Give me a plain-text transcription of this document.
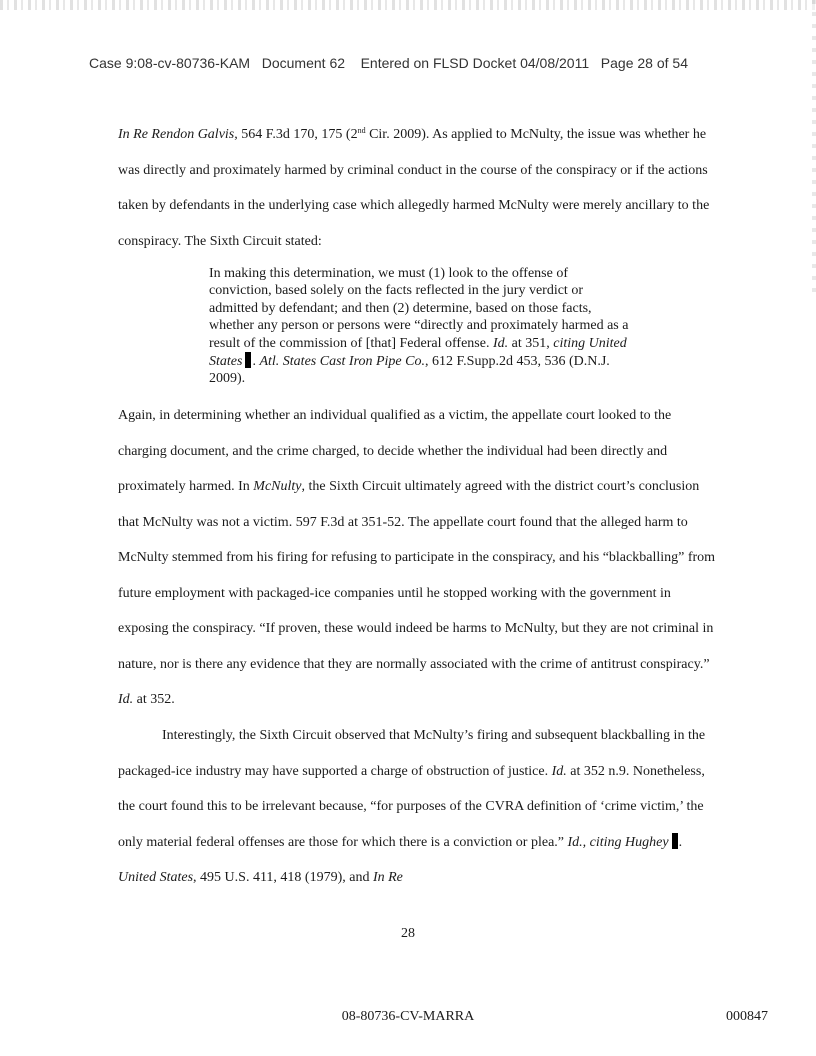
Case 9:08-cv-80736-KAM   Document 62    Entered on FLSD Docket 04/08/2011   Page 28 of 54

In Re Rendon Galvis, 564 F.3d 170, 175 (2nd Cir. 2009). As applied to McNulty, the issue was whether he was directly and proximately harmed by criminal conduct in the course of the conspiracy or if the actions taken by defendants in the underlying case which allegedly harmed McNulty were merely ancillary to the conspiracy. The Sixth Circuit stated:

In making this determination, we must (1) look to the offense of conviction, based solely on the facts reflected in the jury verdict or admitted by defendant; and then (2) determine, based on those facts, whether any person or persons were “directly and proximately harmed as a result of the commission of [that] Federal offense. Id. at 351, citing United States . Atl. States Cast Iron Pipe Co., 612 F.Supp.2d 453, 536 (D.N.J. 2009).

Again, in determining whether an individual qualified as a victim, the appellate court looked to the charging document, and the crime charged, to decide whether the individual had been directly and proximately harmed. In McNulty, the Sixth Circuit ultimately agreed with the district court’s conclusion that McNulty was not a victim. 597 F.3d at 351-52. The appellate court found that the alleged harm to McNulty stemmed from his firing for refusing to participate in the conspiracy, and his “blackballing” from future employment with packaged-ice companies until he stopped working with the government in exposing the conspiracy. “If proven, these would indeed be harms to McNulty, but they are not criminal in nature, nor is there any evidence that they are normally associated with the crime of antitrust conspiracy.” Id. at 352.

Interestingly, the Sixth Circuit observed that McNulty’s firing and subsequent blackballing in the packaged-ice industry may have supported a charge of obstruction of justice. Id. at 352 n.9. Nonetheless, the court found this to be irrelevant because, “for purposes of the CVRA definition of ‘crime victim,’ the only material federal offenses are those for which there is a conviction or plea.” Id., citing Hughey . United States, 495 U.S. 411, 418 (1979), and In Re

28
08-80736-CV-MARRA	000847
